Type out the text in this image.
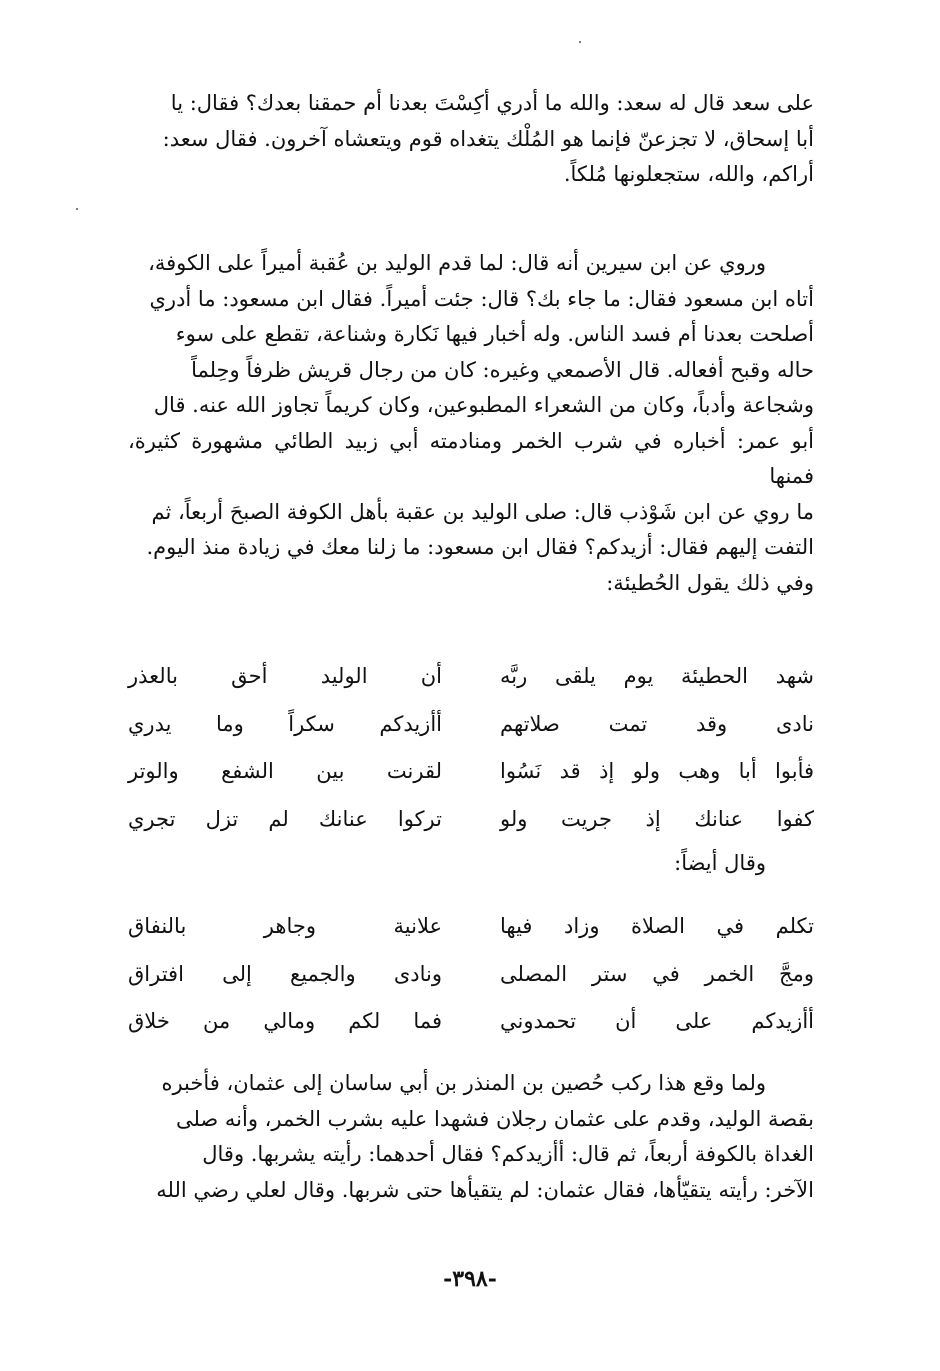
على سعد قال له سعد: والله ما أدري أكِسْتَ بعدنا أم حمقنا بعدك؟ فقال: يا

أبا إسحاق، لا تجزعنّ فإنما هو المُلْك يتغداه قوم ويتعشاه آخرون. فقال سعد:

أراكم، والله، ستجعلونها مُلكاً.

وروي عن ابن سيرين أنه قال: لما قدم الوليد بن عُقبة أميراً على الكوفة،

أتاه ابن مسعود فقال: ما جاء بك؟ قال: جئت أميراً. فقال ابن مسعود: ما أدري

أصلحت بعدنا أم فسد الناس. وله أخبار فيها نَكارة وشناعة، تقطع على سوء

حاله وقبح أفعاله. قال الأصمعي وغيره: كان من رجال قريش ظرفاً وحِلماً

وشجاعة وأدباً، وكان من الشعراء المطبوعين، وكان كريماً تجاوز الله عنه. قال

أبو عمر: أخباره في شرب الخمر ومنادمته أبي زبيد الطائي مشهورة كثيرة، فمنها

ما روي عن ابن شَوْذب قال: صلى الوليد بن عقبة بأهل الكوفة الصبحَ أربعاً، ثم

التفت إليهم فقال: أزيدكم؟ فقال ابن مسعود: ما زلنا معك في زيادة منذ اليوم.

وفي ذلك يقول الحُطيئة:

شهد الحطيئة يوم يلقى ربَّه
أن الوليد أحق بالعذر
نادى وقد تمت صلاتهم
أأزيدكم سكراً وما يدري
فأبوا أبا وهب ولو إذ قد نَسُوا
لقرنت بين الشفع والوتر
كفوا عنانك إذ جريت ولو
تركوا عنانك لم تزل تجري
وقال أيضاً:
تكلم في الصلاة وزاد فيها
علانية وجاهر بالنفاق
ومجَّ الخمر في ستر المصلى
ونادى والجميع إلى افتراق
أأزيدكم على أن تحمدوني
فما لكم ومالي من خلاق

ولما وقع هذا ركب حُصين بن المنذر بن أبي ساسان إلى عثمان، فأخبره

بقصة الوليد، وقدم على عثمان رجلان فشهدا عليه بشرب الخمر، وأنه صلى

الغداة بالكوفة أربعاً، ثم قال: أأزيدكم؟ فقال أحدهما: رأيته يشربها. وقال

الآخر: رأيته يتقيّأها، فقال عثمان: لم يتقيأها حتى شربها. وقال لعلي رضي الله

-٣٩٨-
